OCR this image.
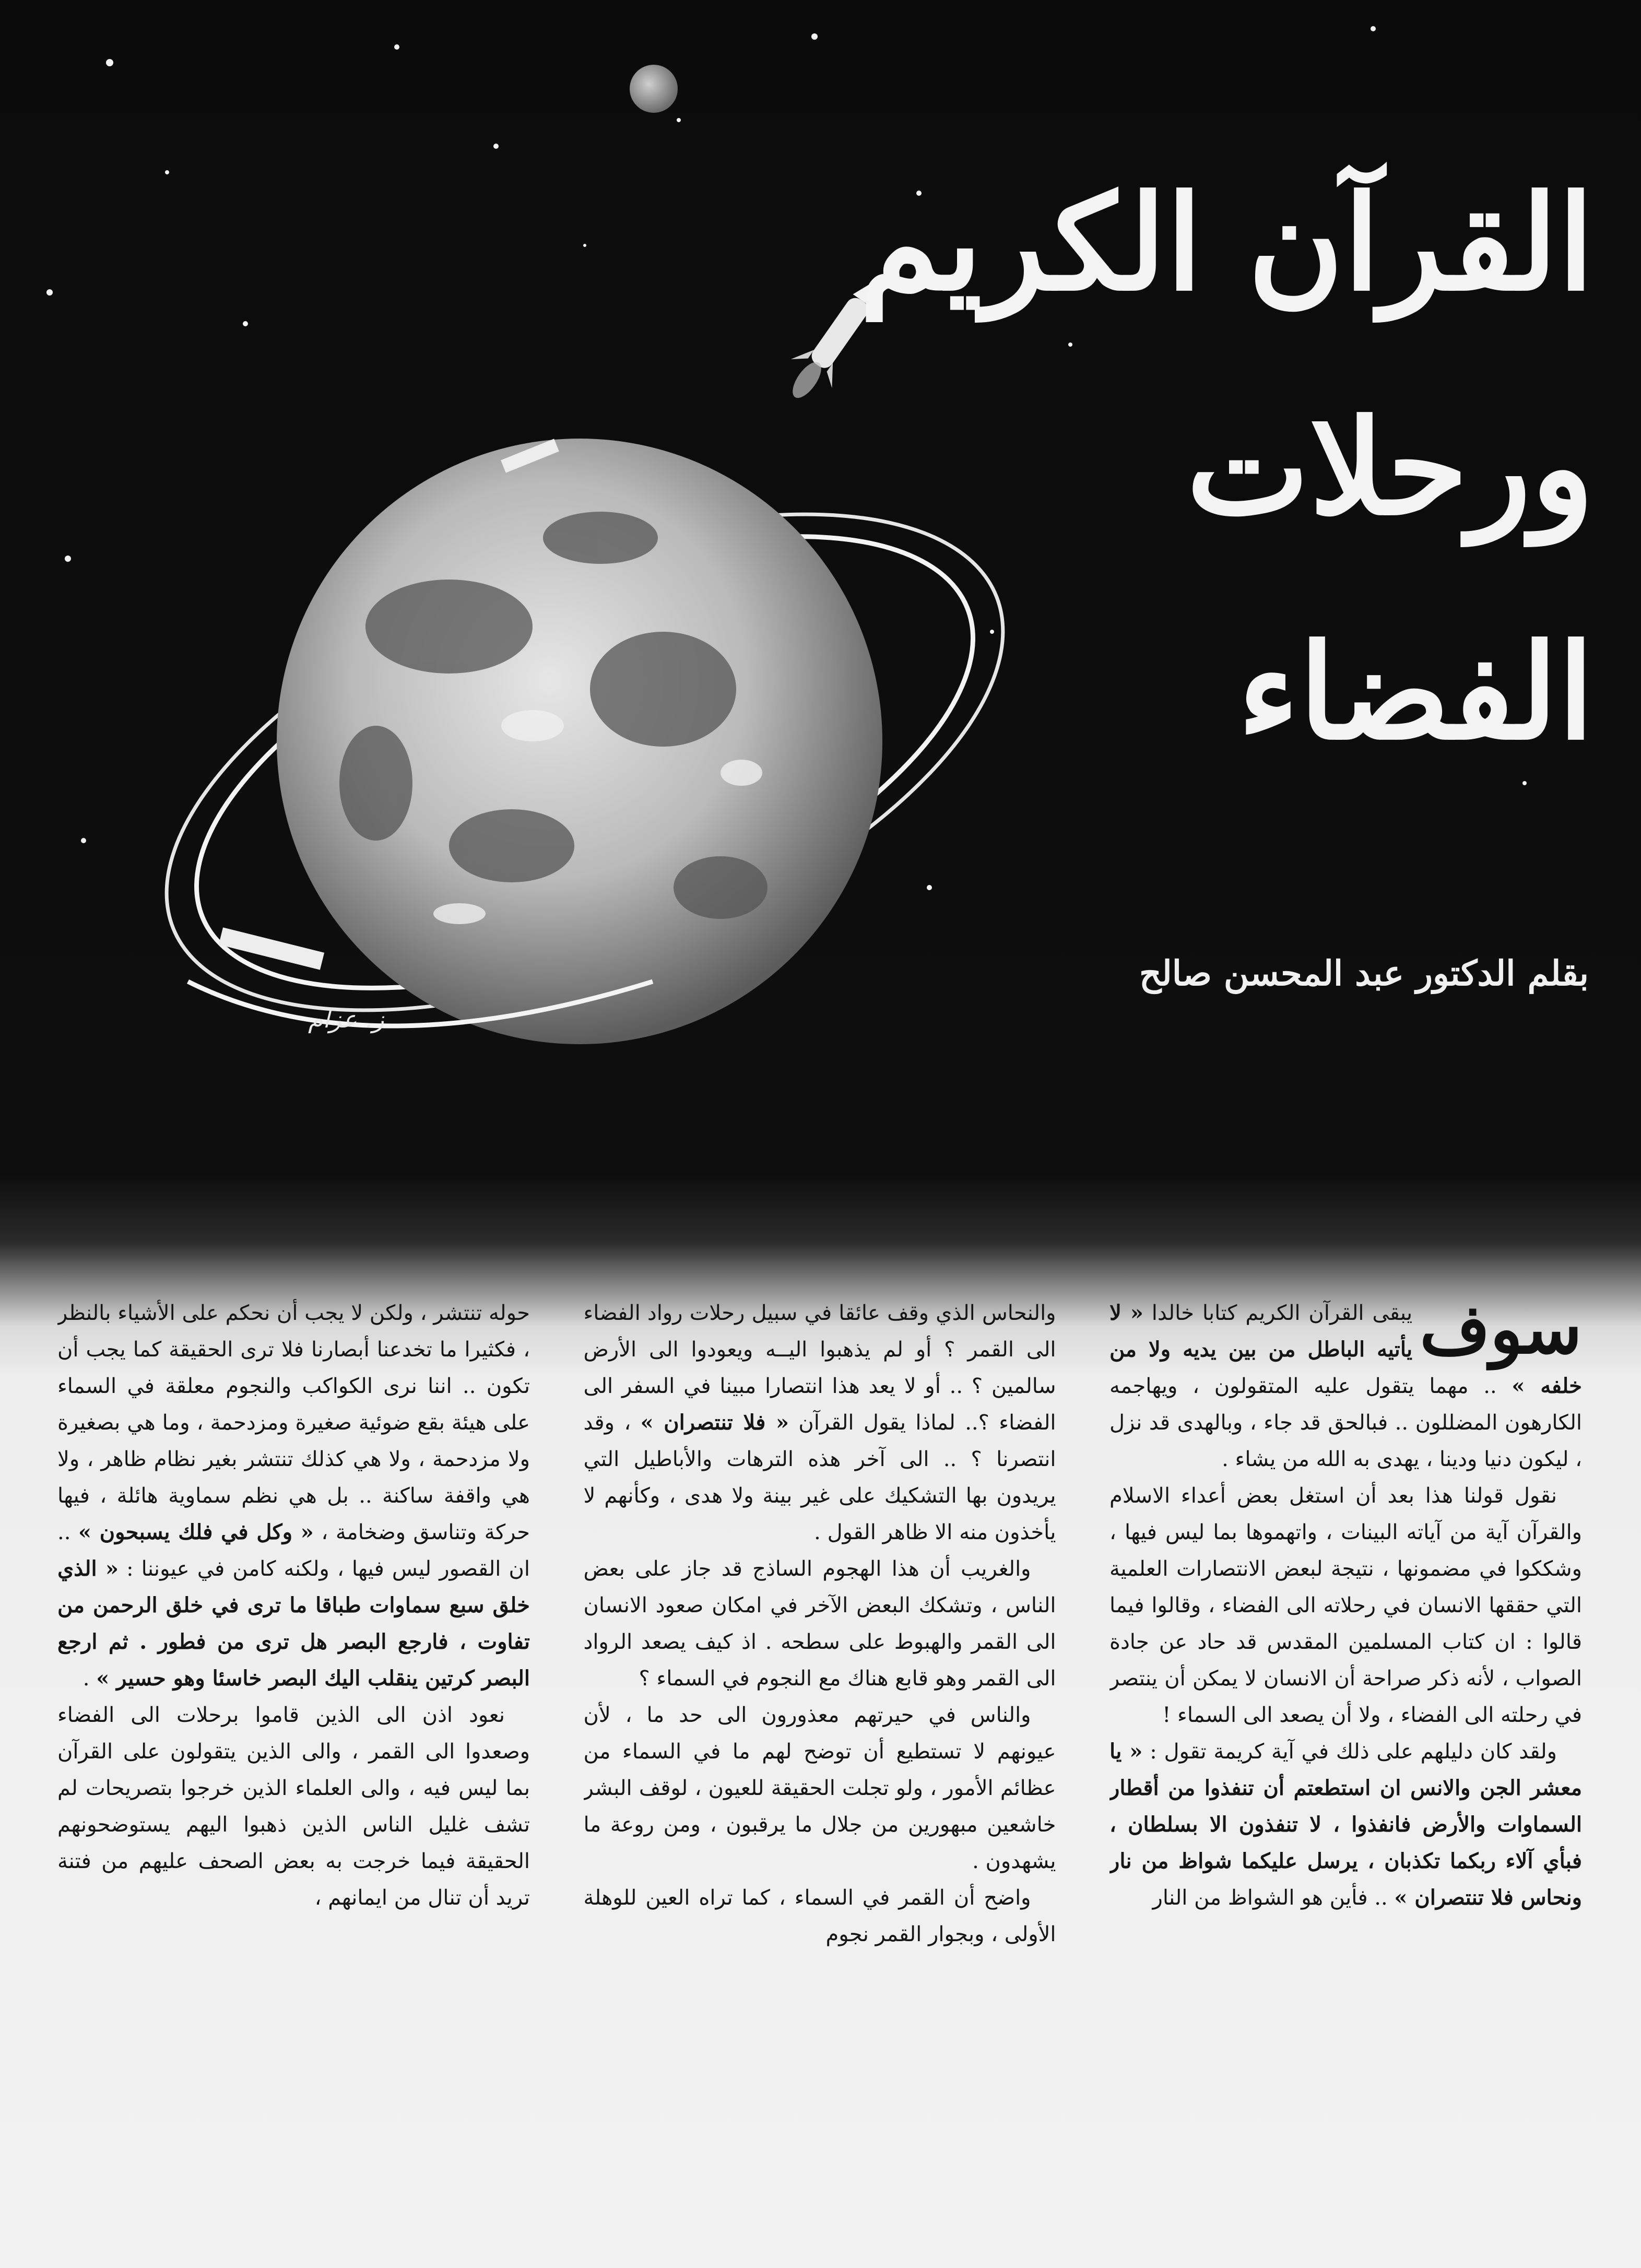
القرآن الكريم
ورحلات
الفضاء

بقلم الدكتور عبد المحسن صالح

ز. عزام

سوف
يبقى القرآن الكريم كتابا خالدا « لا يأتيه الباطل من بين يديه ولا من خلفه » .. مهما يتقول عليه المتقولون ، ويهاجمه الكارهون المضللون .. فبالحق قد جاء ، وبالهدى قد نزل ، ليكون دنيا ودينا ، يهدى به الله من يشاء .

نقول قولنا هذا بعد أن استغل بعض أعداء الاسلام والقرآن آية من آياته البينات ، واتهموها بما ليس فيها ، وشككوا في مضمونها ، نتيجة لبعض الانتصارات العلمية التي حققها الانسان في رحلاته الى الفضاء ، وقالوا فيما قالوا : ان كتاب المسلمين المقدس قد حاد عن جادة الصواب ، لأنه ذكر صراحة أن الانسان لا يمكن أن ينتصر في رحلته الى الفضاء ، ولا أن يصعد الى السماء !

ولقد كان دليلهم على ذلك في آية كريمة تقول : « يا معشر الجن والانس ان استطعتم أن تنفذوا من أقطار السماوات والأرض فانفذوا ، لا تنفذون الا بسلطان ، فبأي آلاء ربكما تكذبان ، يرسل عليكما شواظ من نار ونحاس فلا تنتصران » .. فأين هو الشواظ من النار

والنحاس الذي وقف عائقا في سبيل رحلات رواد الفضاء الى القمر ؟ أو لم يذهبوا اليــه ويعودوا الى الأرض سالمين ؟ .. أو لا يعد هذا انتصارا مبينا في السفر الى الفضاء ؟.. لماذا يقول القرآن « فلا تنتصران » ، وقد انتصرنا ؟ .. الى آخر هذه الترهات والأباطيل التي يريدون بها التشكيك على غير بينة ولا هدى ، وكأنهم لا يأخذون منه الا ظاهر القول .

والغريب أن هذا الهجوم الساذج قد جاز على بعض الناس ، وتشكك البعض الآخر في امكان صعود الانسان الى القمر والهبوط على سطحه . اذ كيف يصعد الرواد الى القمر وهو قابع هناك مع النجوم في السماء ؟

والناس في حيرتهم معذورون الى حد ما ، لأن عيونهم لا تستطيع أن توضح لهم ما في السماء من عظائم الأمور ، ولو تجلت الحقيقة للعيون ، لوقف البشر خاشعين مبهورين من جلال ما يرقبون ، ومن روعة ما يشهدون .

واضح أن القمر في السماء ، كما تراه العين للوهلة الأولى ، وبجوار القمر نجوم

حوله تنتشر ، ولكن لا يجب أن نحكم على الأشياء بالنظر ، فكثيرا ما تخدعنا أبصارنا فلا ترى الحقيقة كما يجب أن تكون .. اننا نرى الكواكب والنجوم معلقة في السماء على هيئة بقع ضوئية صغيرة ومزدحمة ، وما هي بصغيرة ولا مزدحمة ، ولا هي كذلك تنتشر بغير نظام ظاهر ، ولا هي واقفة ساكنة .. بل هي نظم سماوية هائلة ، فيها حركة وتناسق وضخامة ، « وكل في فلك يسبحون » .. ان القصور ليس فيها ، ولكنه كامن في عيوننا : « الذي خلق سبع سماوات طباقا ما ترى في خلق الرحمن من تفاوت ، فارجع البصر هل ترى من فطور . ثم ارجع البصر كرتين ينقلب اليك البصر خاسئا وهو حسير » .

نعود اذن الى الذين قاموا برحلات الى الفضاء وصعدوا الى القمر ، والى الذين يتقولون على القرآن بما ليس فيه ، والى العلماء الذين خرجوا بتصريحات لم تشف غليل الناس الذين ذهبوا اليهم يستوضحونهم الحقيقة فيما خرجت به بعض الصحف عليهم من فتنة تريد أن تنال من ايمانهم ،
